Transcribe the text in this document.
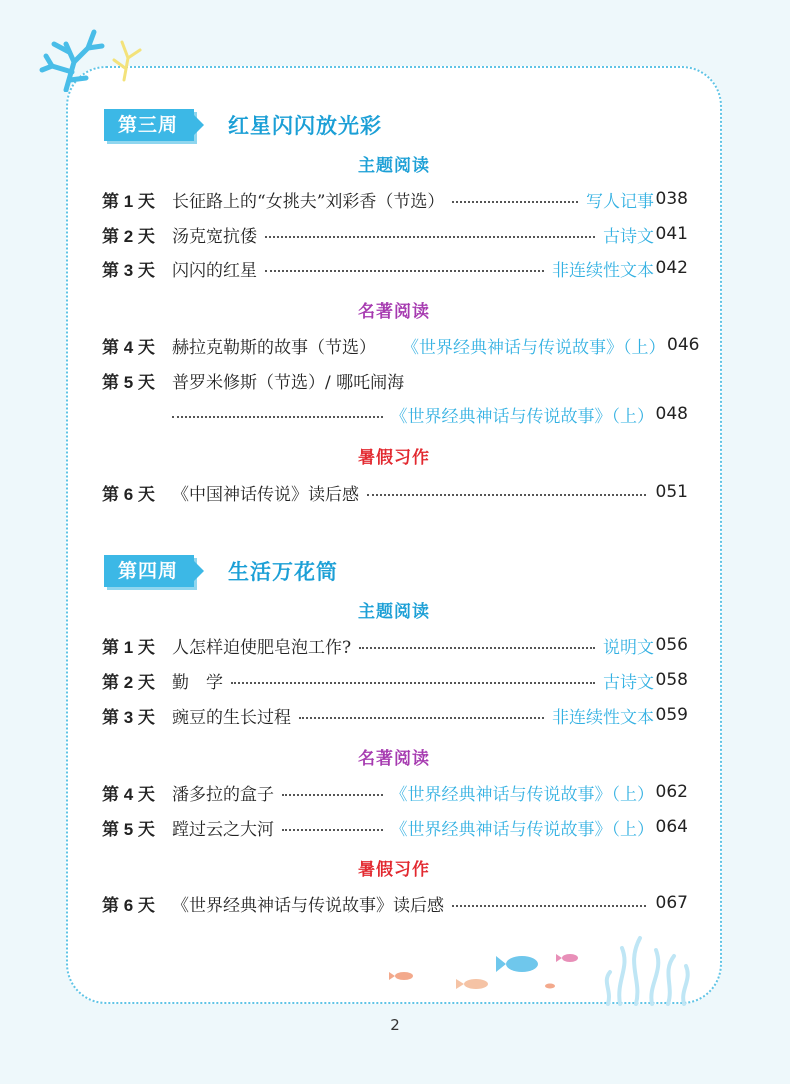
第三周	红星闪闪放光彩
主题阅读
第 1 天	长征路上的“女挑夫”刘彩香（节选）	写人记事 038
第 2 天	汤克宽抗倭	古诗文 041
第 3 天	闪闪的红星	非连续性文本 042
名著阅读
第 4 天	赫拉克勒斯的故事（节选） 《世界经典神话与传说故事》（上） 046
第 5 天	普罗米修斯（节选）/ 哪吒闹海
《世界经典神话与传说故事》（上） 048
暑假习作
第 6 天	《中国神话传说》读后感	051
第四周	生活万花筒
主题阅读
第 1 天	人怎样迫使肥皂泡工作?	说明文 056
第 2 天	勤　学	古诗文 058
第 3 天	豌豆的生长过程	非连续性文本 059
名著阅读
第 4 天	潘多拉的盒子	《世界经典神话与传说故事》（上） 062
第 5 天	蹚过云之大河	《世界经典神话与传说故事》（上） 064
暑假习作
第 6 天	《世界经典神话与传说故事》读后感	067
2
